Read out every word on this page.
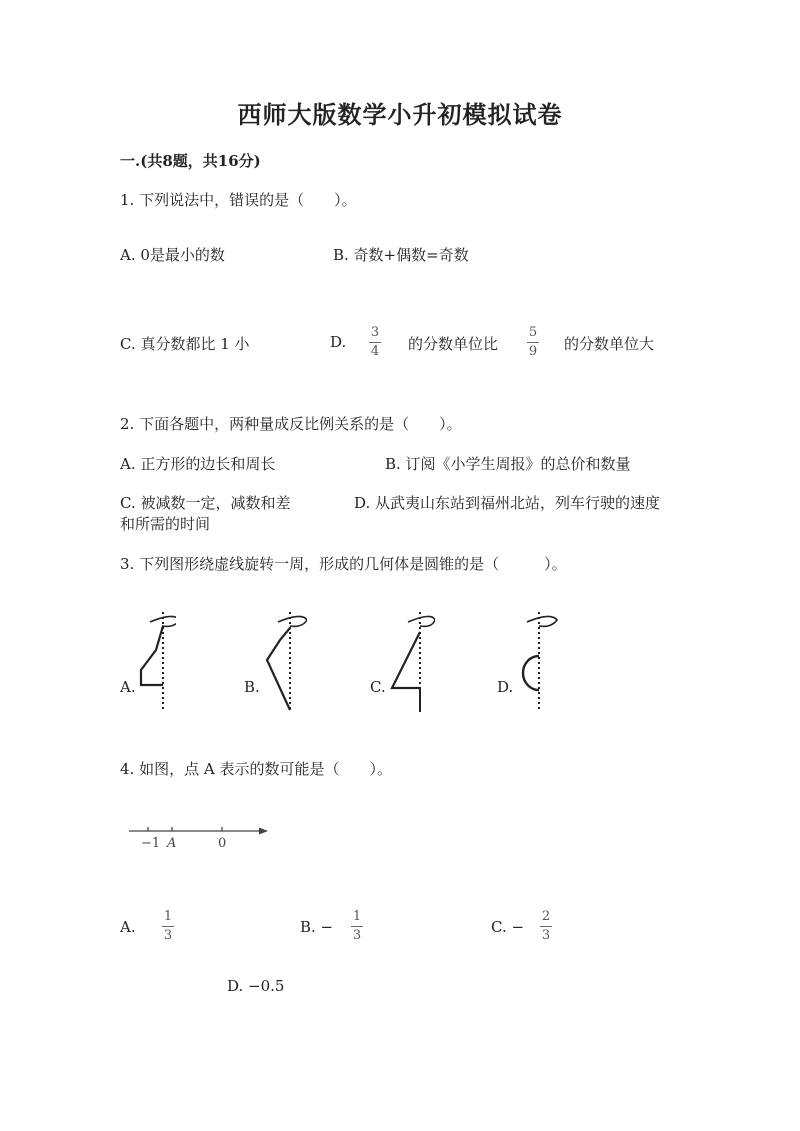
西师大版数学小升初模拟试卷
一.(共8题，共16分)
1. 下列说法中，错误的是（　　）。
A. 0是最小的数	B. 奇数+偶数=奇数
C. 真分数都比 1 小	D.
3
4 的分数单位比
5
9 的分数单位大
2. 下面各题中，两种量成反比例关系的是（　　）。
A. 正方形的边长和周长	B. 订阅《小学生周报》的总价和数量
C. 被减数一定，减数和差	D. 从武夷山东站到福州北站，列车行驶的速度
和所需的时间
3. 下列图形绕虚线旋转一周，形成的几何体是圆锥的是（　　　）。
A.	B.	C.	D.
4. 如图，点 A 表示的数可能是（　　）。
−1 A	0
A.
1
3	B. −
1
3	C. −
2
3
D. −0.5
